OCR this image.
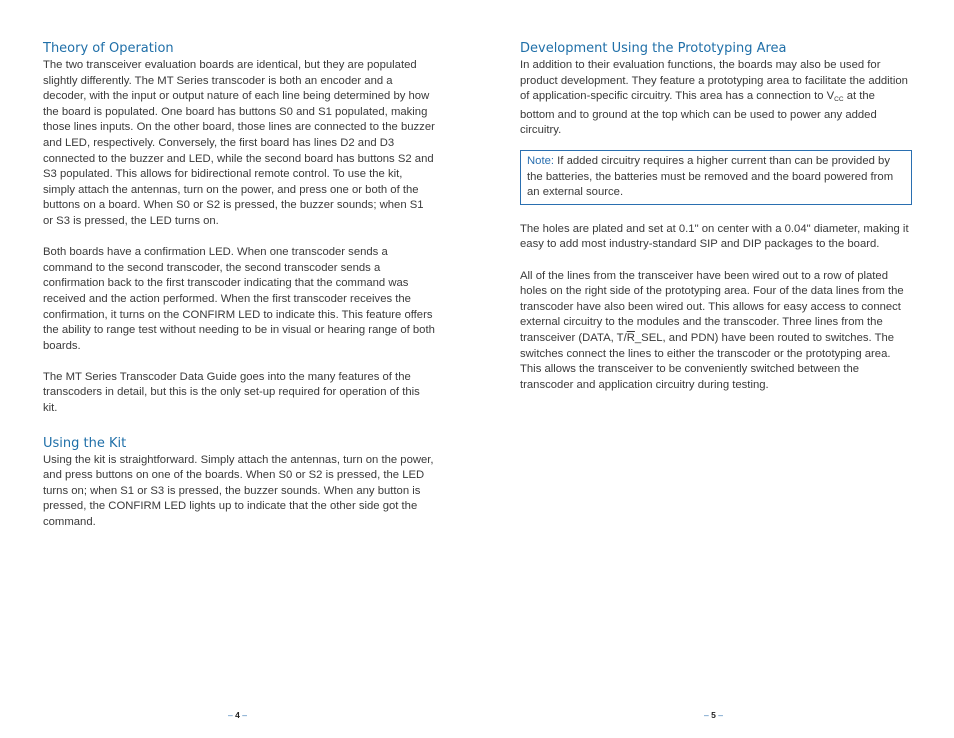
Theory of Operation

The two transceiver evaluation boards are identical, but they are populated slightly differently. The MT Series transcoder is both an encoder and a decoder, with the input or output nature of each line being determined by how the board is populated. One board has buttons S0 and S1 populated, making those lines inputs. On the other board, those lines are connected to the buzzer and LED, respectively. Conversely, the first board has lines D2 and D3 connected to the buzzer and LED, while the second board has buttons S2 and S3 populated. This allows for bidirectional remote control. To use the kit, simply attach the antennas, turn on the power, and press one or both of the buttons on a board. When S0 or S2 is pressed, the buzzer sounds; when S1 or S3 is pressed, the LED turns on.

Both boards have a confirmation LED. When one transcoder sends a command to the second transcoder, the second transcoder sends a confirmation back to the first transcoder indicating that the command was received and the action performed. When the first transcoder receives the confirmation, it turns on the CONFIRM LED to indicate this. This feature offers the ability to range test without needing to be in visual or hearing range of both boards.

The MT Series Transcoder Data Guide goes into the many features of the transcoders in detail, but this is the only set-up required for operation of this kit.

Using the Kit

Using the kit is straightforward. Simply attach the antennas, turn on the power, and press buttons on one of the boards. When S0 or S2 is pressed, the LED turns on; when S1 or S3 is pressed, the buzzer sounds. When any button is pressed, the CONFIRM LED lights up to indicate that the other side got the command.

Development Using the Prototyping Area

In addition to their evaluation functions, the boards may also be used for product development. They feature a prototyping area to facilitate the addition of application-specific circuitry. This area has a connection to $V_{CC}$ at the bottom and to ground at the top which can be used to power any added circuitry.

Note: If added circuitry requires a higher current than can be provided by the batteries, the batteries must be removed and the board powered from an external source.

The holes are plated and set at 0.1" on center with a 0.04" diameter, making it easy to add most industry-standard SIP and DIP packages to the board.

All of the lines from the transceiver have been wired out to a row of plated holes on the right side of the prototyping area. Four of the data lines from the transcoder have also been wired out. This allows for easy access to connect external circuitry to the modules and the transcoder. Three lines from the transceiver (DATA, $T/\overline{R}\_SEL$, and PDN) have been routed to switches. The switches connect the lines to either the transcoder or the prototyping area. This allows the transceiver to be conveniently switched between the transcoder and application circuitry during testing.

– 4 –	– 5 –
